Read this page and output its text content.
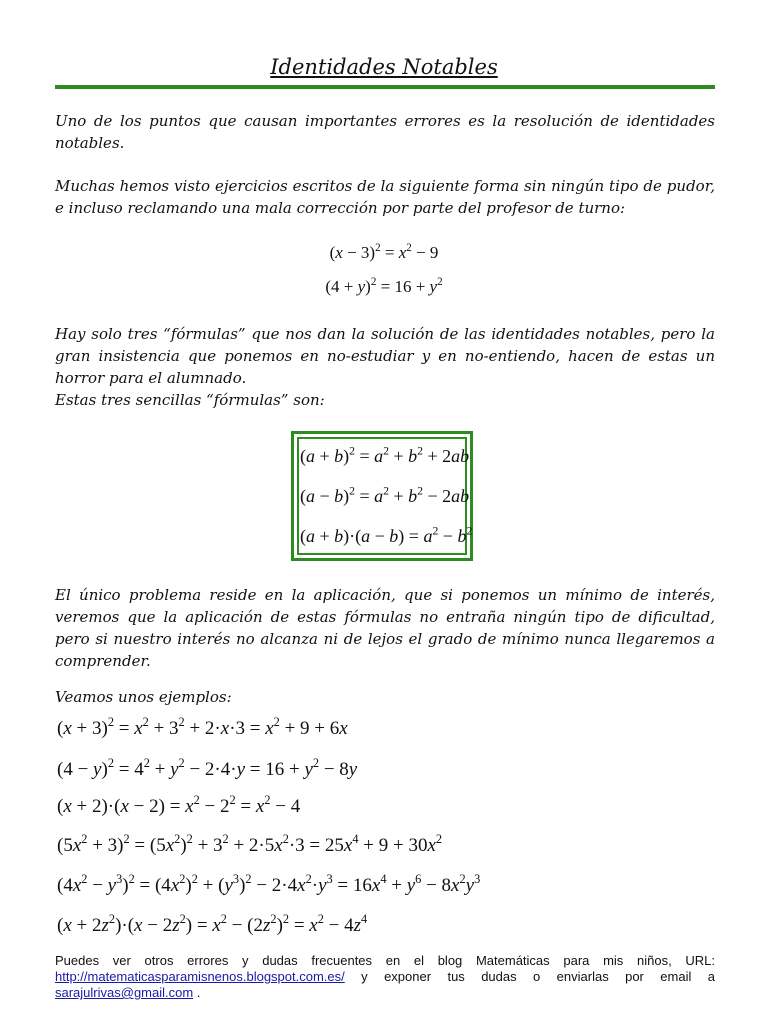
Identidades Notables

Uno de los puntos que causan importantes errores es la resolución de identidades notables.

Muchas hemos visto ejercicios escritos de la siguiente forma sin ningún tipo de pudor, e incluso reclamando una mala corrección por parte del profesor de turno:

$(x - 3)^2 = x^2 - 9$
$(4 + y)^2 = 16 + y^2$

Hay solo tres “fórmulas” que nos dan la solución de las identidades notables, pero la gran insistencia que ponemos en no-estudiar y en no-entiendo, hacen de estas un horror para el alumnado.

Estas tres sencillas “fórmulas” son:

$(a + b)^2 = a^2 + b^2 + 2ab$
$(a - b)^2 = a^2 + b^2 - 2ab$
$(a + b)\cdot(a - b) = a^2 - b^2$

El único problema reside en la aplicación, que si ponemos un mínimo de interés, veremos que la aplicación de estas fórmulas no entraña ningún tipo de dificultad, pero si nuestro interés no alcanza ni de lejos el grado de mínimo nunca llegaremos a comprender.

Veamos unos ejemplos:

$(x + 3)^2 = x^2 + 3^2 + 2\cdot x\cdot 3 = x^2 + 9 + 6x$
$(4 - y)^2 = 4^2 + y^2 - 2\cdot 4\cdot y = 16 + y^2 - 8y$
$(x + 2)\cdot(x - 2) = x^2 - 2^2 = x^2 - 4$
$(5x^2 + 3)^2 = (5x^2)^2 + 3^2 + 2\cdot 5x^2\cdot 3 = 25x^4 + 9 + 30x^2$
$(4x^2 - y^3)^2 = (4x^2)^2 + (y^3)^2 - 2\cdot 4x^2\cdot y^3 = 16x^4 + y^6 - 8x^2y^3$
$(x + 2z^2)\cdot(x - 2z^2) = x^2 - (2z^2)^2 = x^2 - 4z^4$

Puedes ver otros errores y dudas frecuentes en el blog Matemáticas para mis niños, URL: http://matematicasparamisnenos.blogspot.com.es/ y exponer tus dudas o enviarlas por email a sarajulrivas@gmail.com .
